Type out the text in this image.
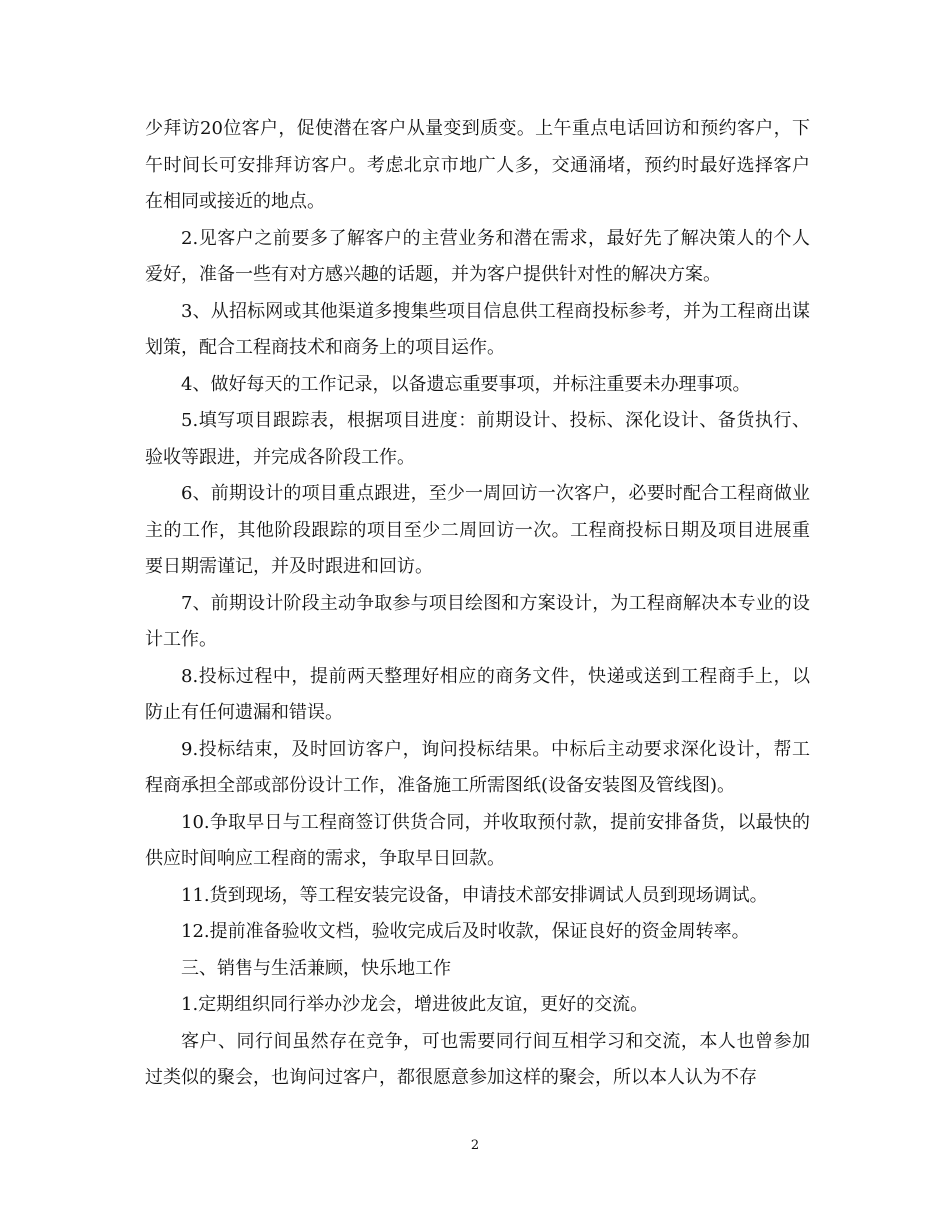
少拜访20位客户，促使潜在客户从量变到质变。上午重点电话回访和预约客户，下午时间长可安排拜访客户。考虑北京市地广人多，交通涌堵，预约时最好选择客户在相同或接近的地点。

2.见客户之前要多了解客户的主营业务和潜在需求，最好先了解决策人的个人爱好，准备一些有对方感兴趣的话题，并为客户提供针对性的解决方案。

3、从招标网或其他渠道多搜集些项目信息供工程商投标参考，并为工程商出谋划策，配合工程商技术和商务上的项目运作。

4、做好每天的工作记录，以备遗忘重要事项，并标注重要未办理事项。

5.填写项目跟踪表，根据项目进度：前期设计、投标、深化设计、备货执行、验收等跟进，并完成各阶段工作。

6、前期设计的项目重点跟进，至少一周回访一次客户，必要时配合工程商做业主的工作，其他阶段跟踪的项目至少二周回访一次。工程商投标日期及项目进展重要日期需谨记，并及时跟进和回访。

7、前期设计阶段主动争取参与项目绘图和方案设计，为工程商解决本专业的设计工作。

8.投标过程中，提前两天整理好相应的商务文件，快递或送到工程商手上，以防止有任何遗漏和错误。

9.投标结束，及时回访客户，询问投标结果。中标后主动要求深化设计，帮工程商承担全部或部份设计工作，准备施工所需图纸(设备安装图及管线图)。

10.争取早日与工程商签订供货合同，并收取预付款，提前安排备货，以最快的供应时间响应工程商的需求，争取早日回款。

11.货到现场，等工程安装完设备，申请技术部安排调试人员到现场调试。

12.提前准备验收文档，验收完成后及时收款，保证良好的资金周转率。

三、销售与生活兼顾，快乐地工作

1.定期组织同行举办沙龙会，增进彼此友谊，更好的交流。

客户、同行间虽然存在竞争，可也需要同行间互相学习和交流，本人也曾参加过类似的聚会，也询问过客户，都很愿意参加这样的聚会，所以本人认为不存

2
